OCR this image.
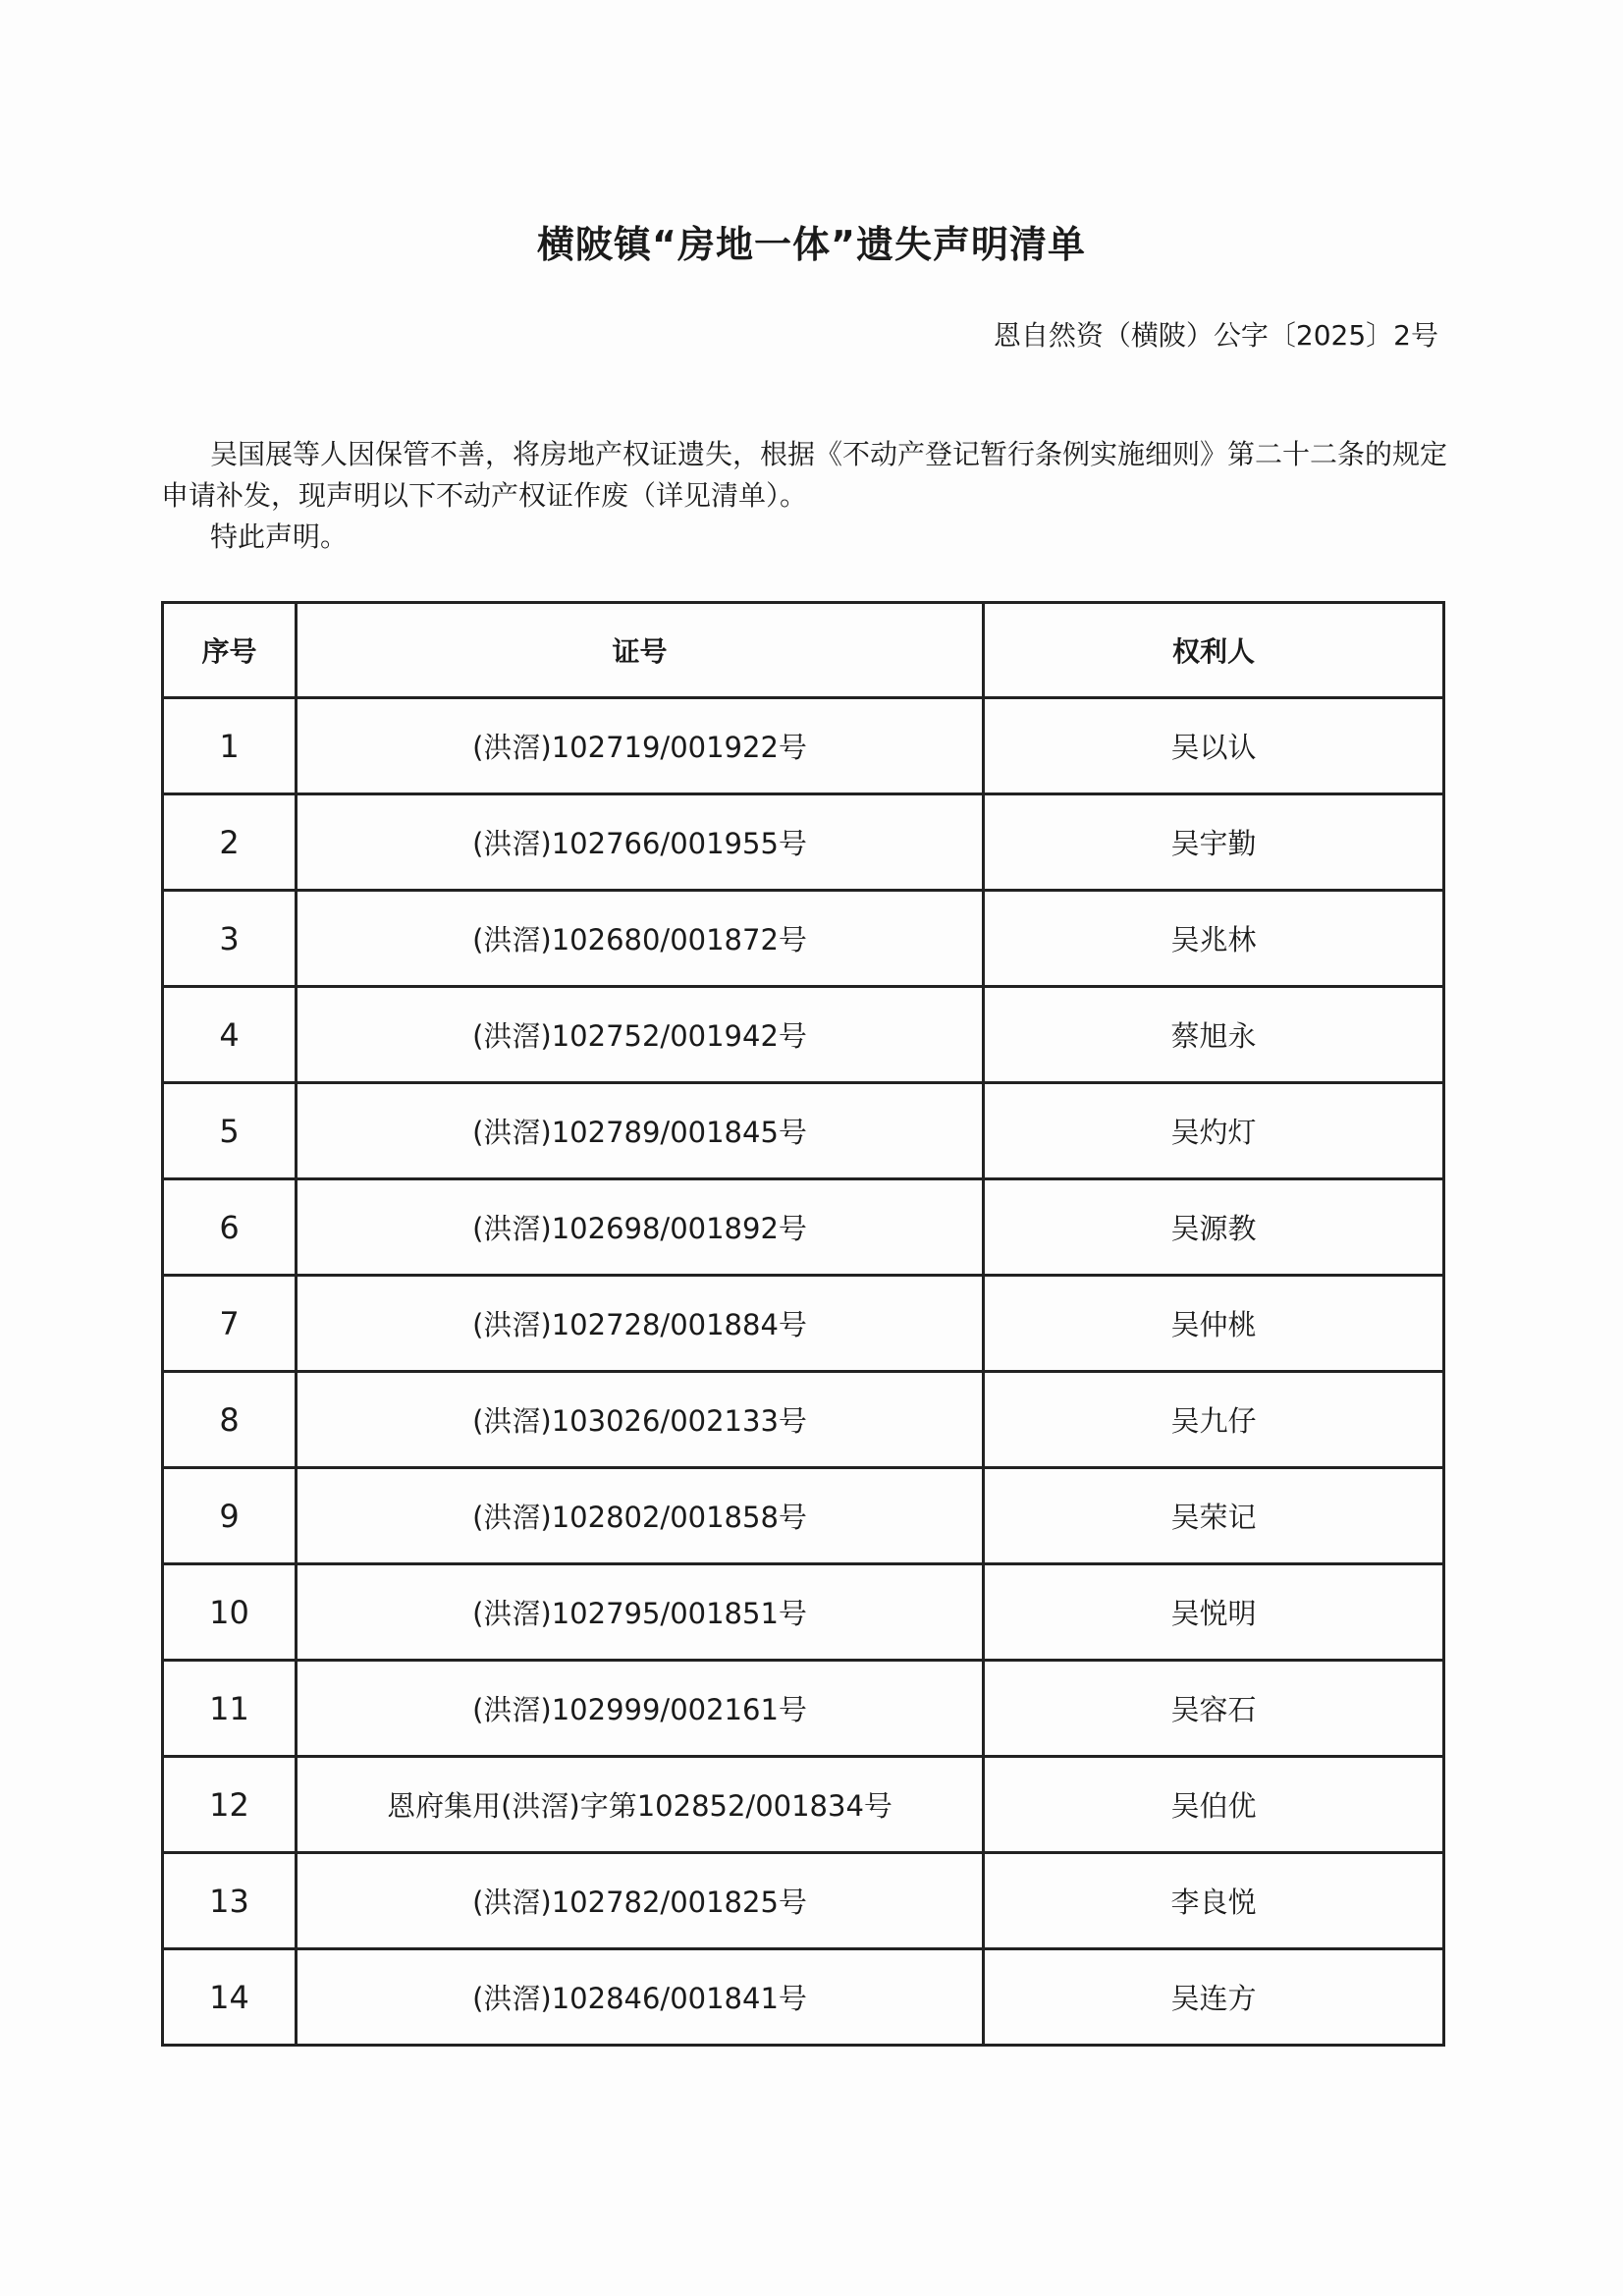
横陂镇“房地一体”遗失声明清单
恩自然资（横陂）公字〔2025〕2号
吴国展等人因保管不善，将房地产权证遗失，根据《不动产登记暂行条例实施细则》第二十二条的规定申请补发，现声明以下不动产权证作废（详见清单）。
特此声明。
序号	证号	权利人
1	(洪滘)102719/001922号	吴以认
2	(洪滘)102766/001955号	吴宇勤
3	(洪滘)102680/001872号	吴兆林
4	(洪滘)102752/001942号	蔡旭永
5	(洪滘)102789/001845号	吴灼灯
6	(洪滘)102698/001892号	吴源教
7	(洪滘)102728/001884号	吴仲桃
8	(洪滘)103026/002133号	吴九仔
9	(洪滘)102802/001858号	吴荣记
10	(洪滘)102795/001851号	吴悦明
11	(洪滘)102999/002161号	吴容石
12	恩府集用(洪滘)字第102852/001834号	吴伯优
13	(洪滘)102782/001825号	李良悦
14	(洪滘)102846/001841号	吴连方
